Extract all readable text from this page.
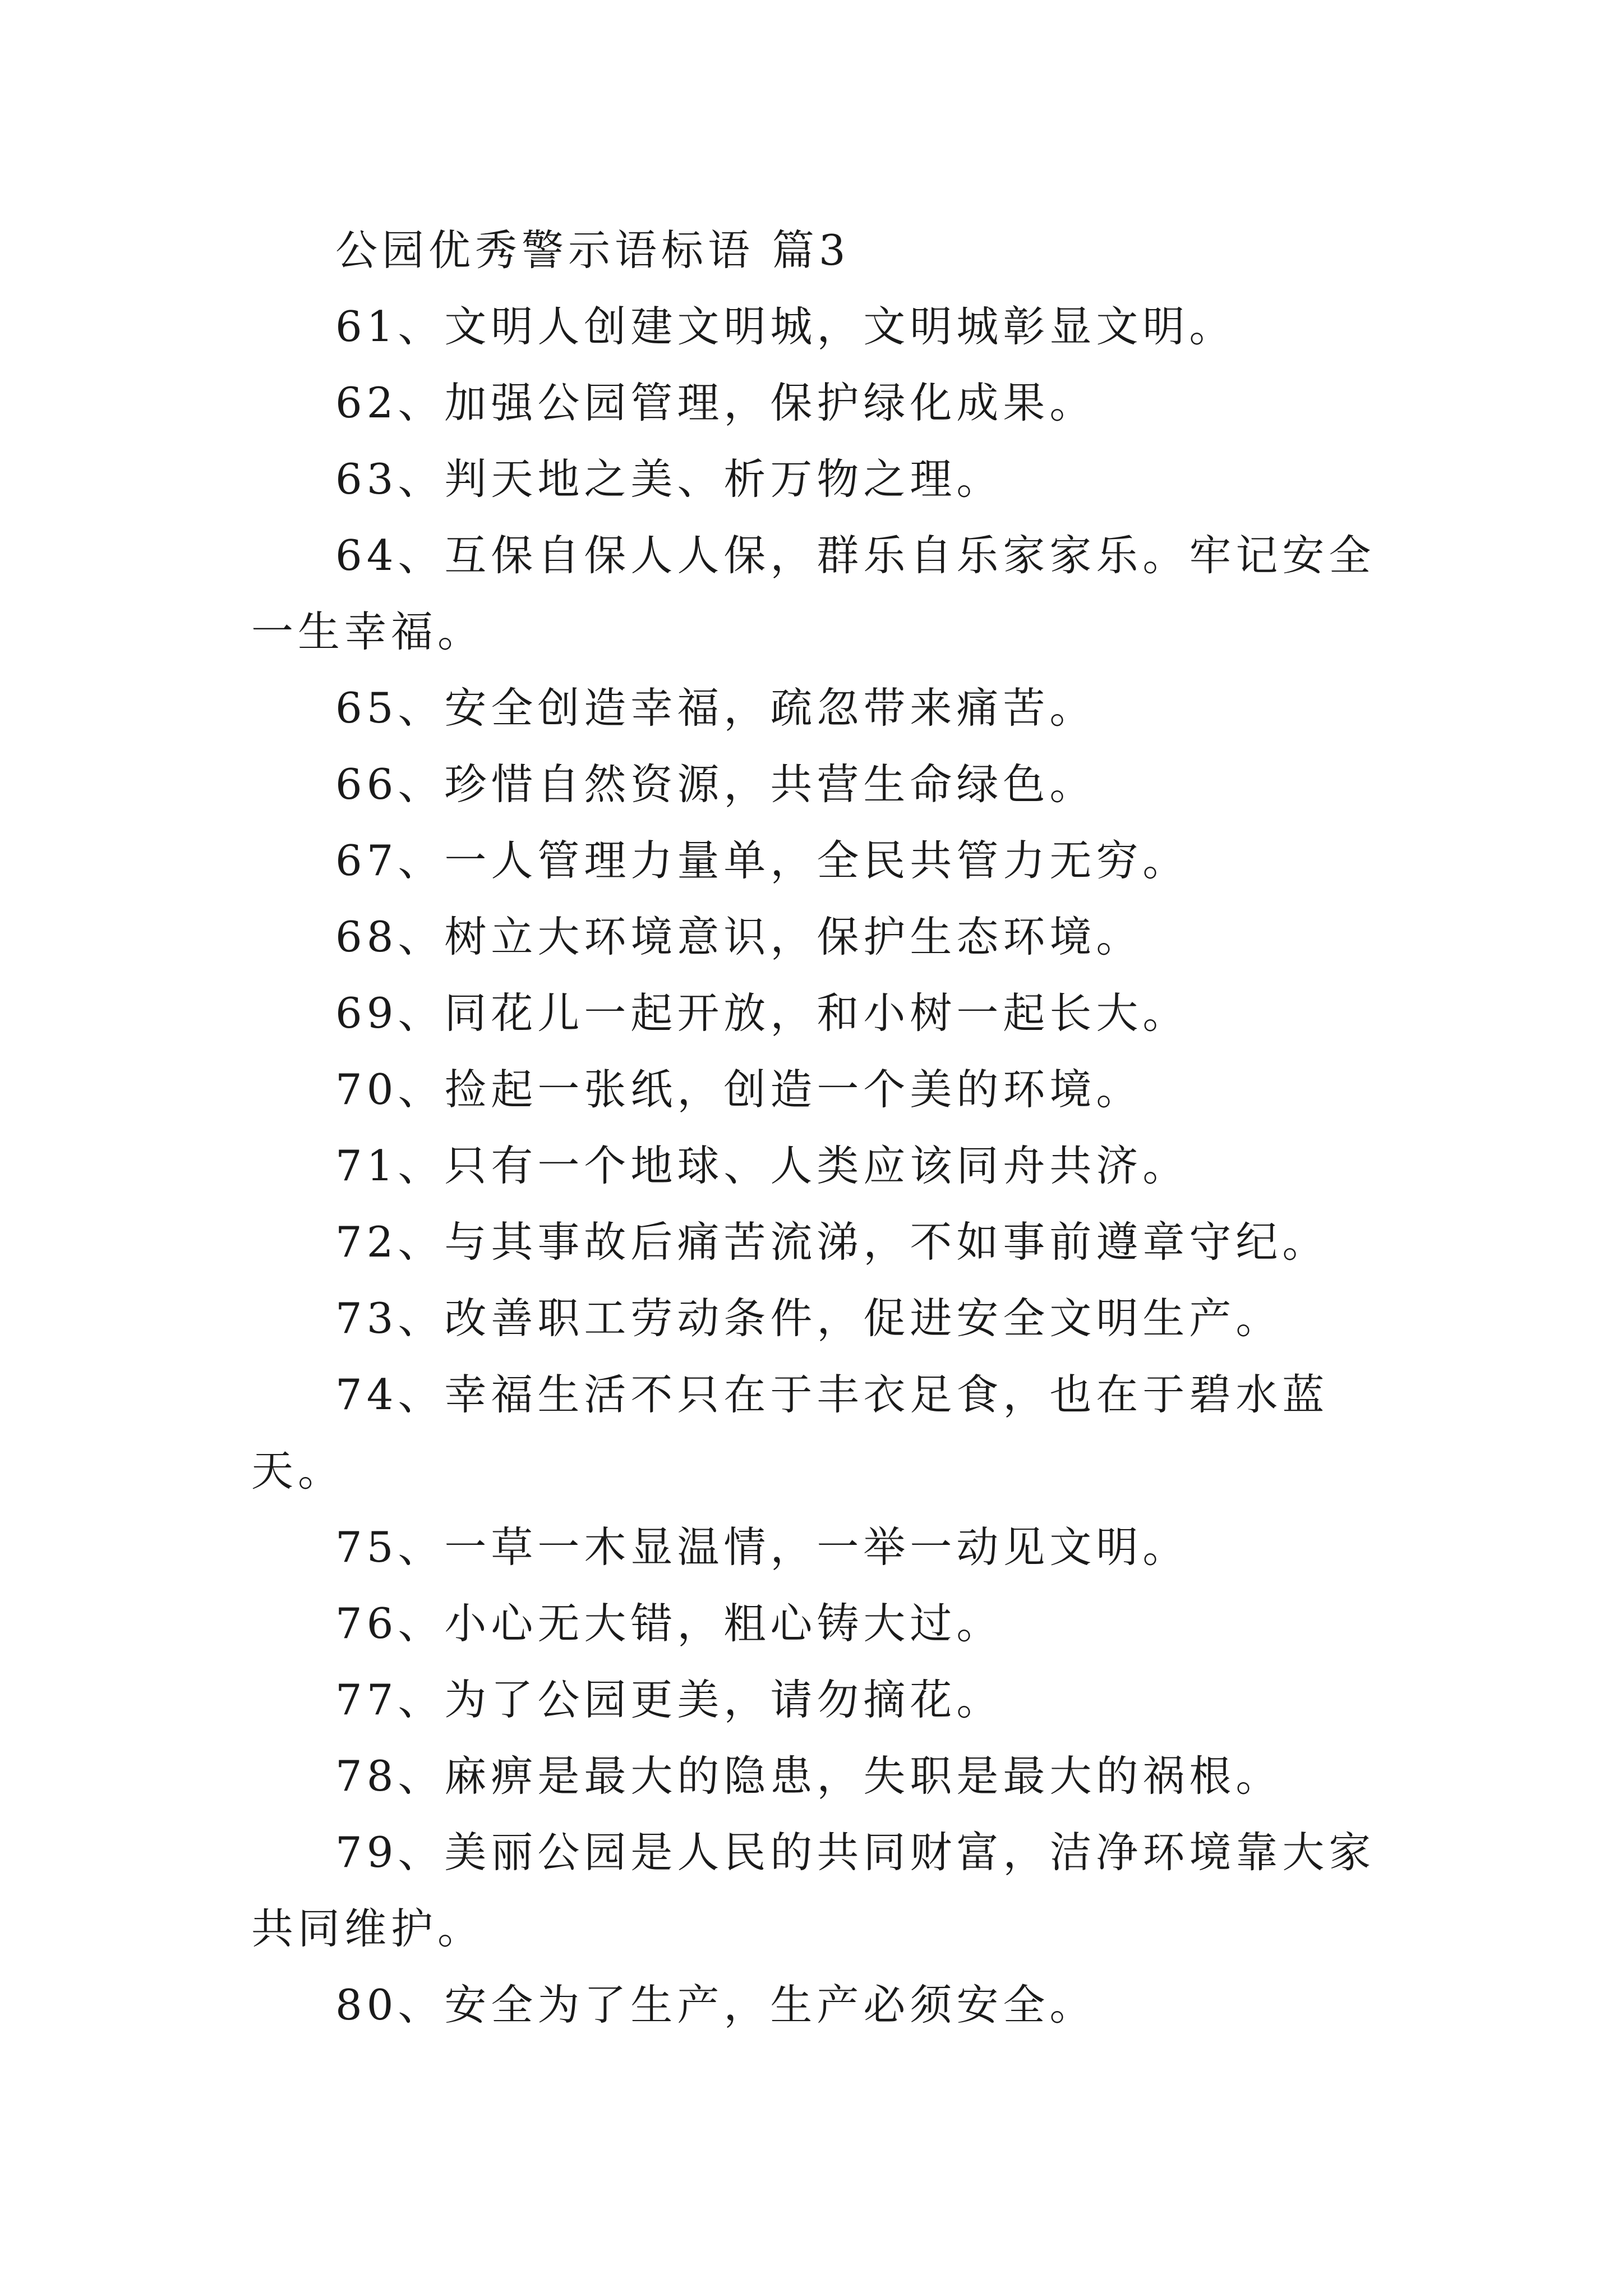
公园优秀警示语标语 篇3

61、文明人创建文明城，文明城彰显文明。

62、加强公园管理，保护绿化成果。

63、判天地之美、析万物之理。

64、互保自保人人保，群乐自乐家家乐。牢记安全一生幸福。

65、安全创造幸福，疏忽带来痛苦。

66、珍惜自然资源，共营生命绿色。

67、一人管理力量单，全民共管力无穷。

68、树立大环境意识，保护生态环境。

69、同花儿一起开放，和小树一起长大。

70、捡起一张纸，创造一个美的环境。

71、只有一个地球、人类应该同舟共济。

72、与其事故后痛苦流涕，不如事前遵章守纪。

73、改善职工劳动条件，促进安全文明生产。

74、幸福生活不只在于丰衣足食，也在于碧水蓝天。

75、一草一木显温情，一举一动见文明。

76、小心无大错，粗心铸大过。

77、为了公园更美，请勿摘花。

78、麻痹是最大的隐患，失职是最大的祸根。

79、美丽公园是人民的共同财富，洁净环境靠大家共同维护。

80、安全为了生产，生产必须安全。
